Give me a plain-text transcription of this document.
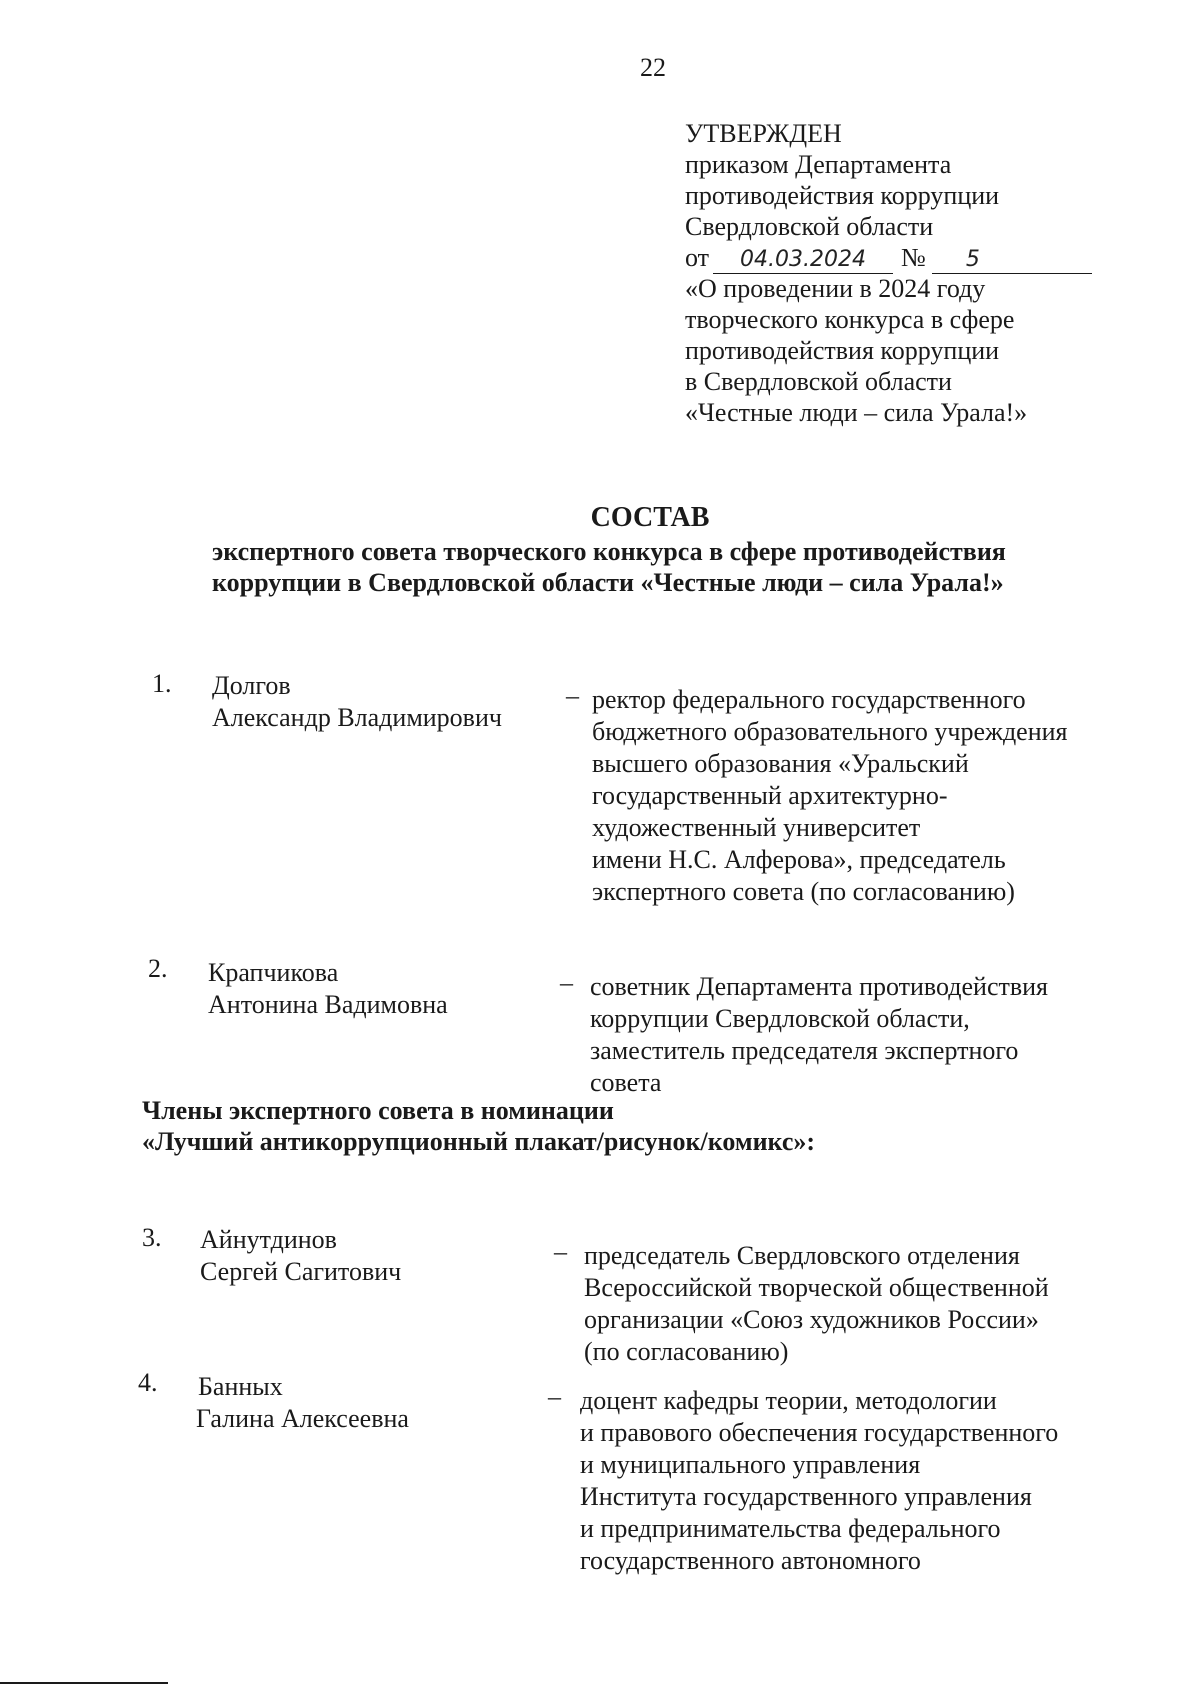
22
УТВЕРЖДЕН
приказом Департамента
противодействия коррупции
Свердловской области
от 04.03.2024 № 5
«О проведении в 2024 году
творческого конкурса в сфере
противодействия коррупции
в Свердловской области
«Честные люди – сила Урала!»
СОСТАВ
экспертного совета творческого конкурса в сфере противодействия
коррупции в Свердловской области «Честные люди – сила Урала!»
1. Долгов
Александр Владимирович
– ректор федерального государственного
бюджетного образовательного учреждения
высшего образования «Уральский
государственный архитектурно-
художественный университет
имени Н.С. Алферова», председатель
экспертного совета (по согласованию)
2. Крапчикова
Антонина Вадимовна
– советник Департамента противодействия
коррупции Свердловской области,
заместитель председателя экспертного
совета
Члены экспертного совета в номинации
«Лучший антикоррупционный плакат/рисунок/комикс»:
3. Айнутдинов
Сергей Сагитович
– председатель Свердловского отделения
Всероссийской творческой общественной
организации «Союз художников России»
(по согласованию)
4. Банных
Галина Алексеевна
– доцент кафедры теории, методологии
и правового обеспечения государственного
и муниципального управления
Института государственного управления
и предпринимательства федерального
государственного автономного
